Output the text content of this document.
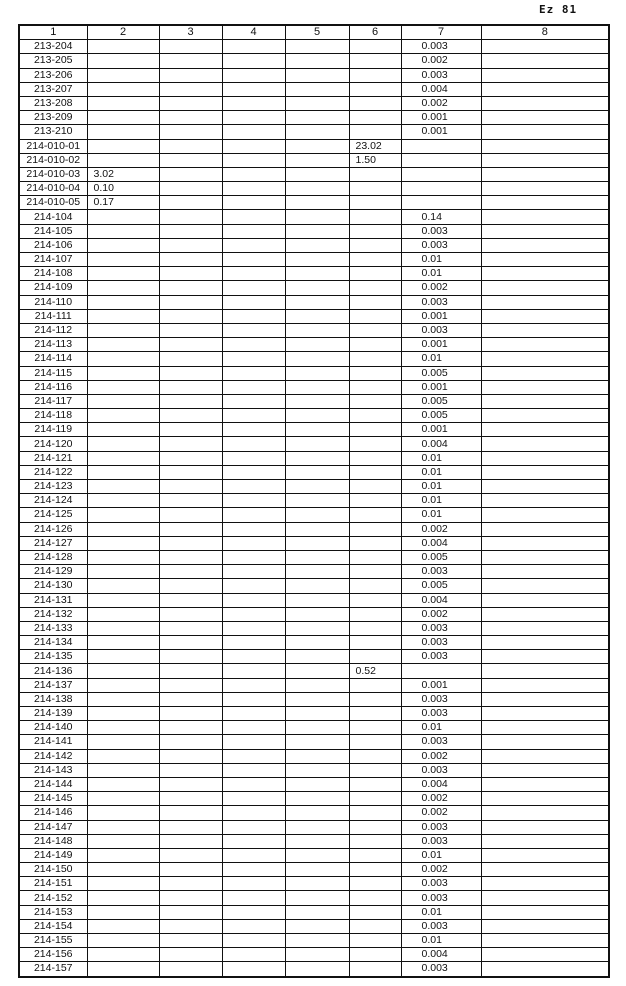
Ez 81
1	2	3	4	5	6	7	8
213-204						0.003	
213-205						0.002	
213-206						0.003	
213-207						0.004	
213-208						0.002	
213-209						0.001	
213-210						0.001	
214-010-01					23.02		
214-010-02					1.50		
214-010-03	3.02						
214-010-04	0.10						
214-010-05	0.17						
214-104						0.14	
214-105						0.003	
214-106						0.003	
214-107						0.01	
214-108						0.01	
214-109						0.002	
214-110						0.003	
214-111						0.001	
214-112						0.003	
214-113						0.001	
214-114						0.01	
214-115						0.005	
214-116						0.001	
214-117						0.005	
214-118						0.005	
214-119						0.001	
214-120						0.004	
214-121						0.01	
214-122						0.01	
214-123						0.01	
214-124						0.01	
214-125						0.01	
214-126						0.002	
214-127						0.004	
214-128						0.005	
214-129						0.003	
214-130						0.005	
214-131						0.004	
214-132						0.002	
214-133						0.003	
214-134						0.003	
214-135						0.003	
214-136					0.52		
214-137						0.001	
214-138						0.003	
214-139						0.003	
214-140						0.01	
214-141						0.003	
214-142						0.002	
214-143						0.003	
214-144						0.004	
214-145						0.002	
214-146						0.002	
214-147						0.003	
214-148						0.003	
214-149						0.01	
214-150						0.002	
214-151						0.003	
214-152						0.003	
214-153						0.01	
214-154						0.003	
214-155						0.01	
214-156						0.004	
214-157						0.003	
